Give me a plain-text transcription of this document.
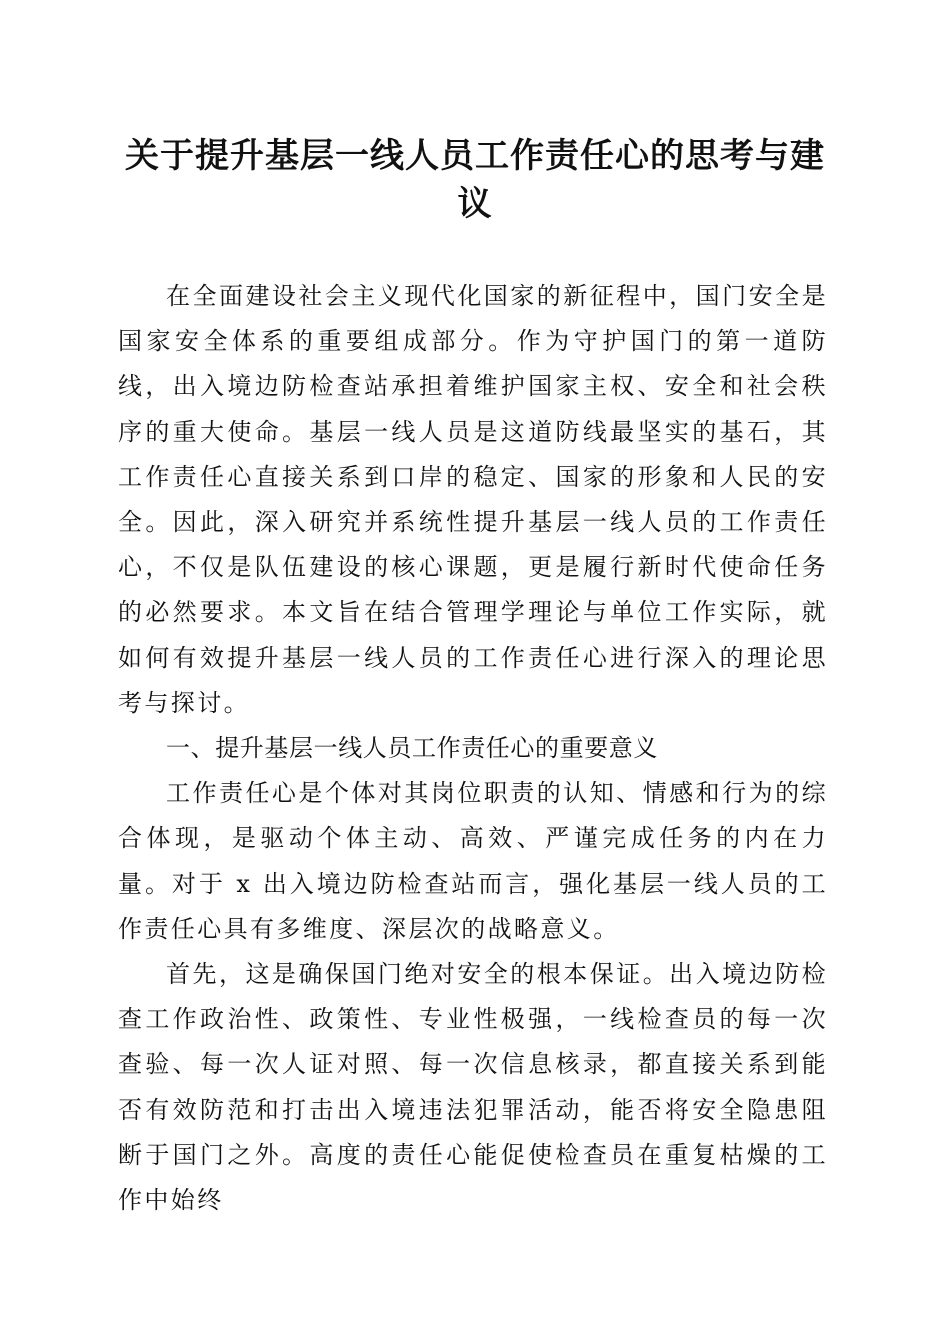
关于提升基层一线人员工作责任心的思考与建议

在全面建设社会主义现代化国家的新征程中，国门安全是国家安全体系的重要组成部分。作为守护国门的第一道防线，出入境边防检查站承担着维护国家主权、安全和社会秩序的重大使命。基层一线人员是这道防线最坚实的基石，其工作责任心直接关系到口岸的稳定、国家的形象和人民的安全。因此，深入研究并系统性提升基层一线人员的工作责任心，不仅是队伍建设的核心课题，更是履行新时代使命任务的必然要求。本文旨在结合管理学理论与单位工作实际，就如何有效提升基层一线人员的工作责任心进行深入的理论思考与探讨。

一、提升基层一线人员工作责任心的重要意义

工作责任心是个体对其岗位职责的认知、情感和行为的综合体现，是驱动个体主动、高效、严谨完成任务的内在力量。对于 x 出入境边防检查站而言，强化基层一线人员的工作责任心具有多维度、深层次的战略意义。

首先，这是确保国门绝对安全的根本保证。出入境边防检查工作政治性、政策性、专业性极强，一线检查员的每一次查验、每一次人证对照、每一次信息核录，都直接关系到能否有效防范和打击出入境违法犯罪活动，能否将安全隐患阻断于国门之外。高度的责任心能促使检查员在重复枯燥的工作中始终
